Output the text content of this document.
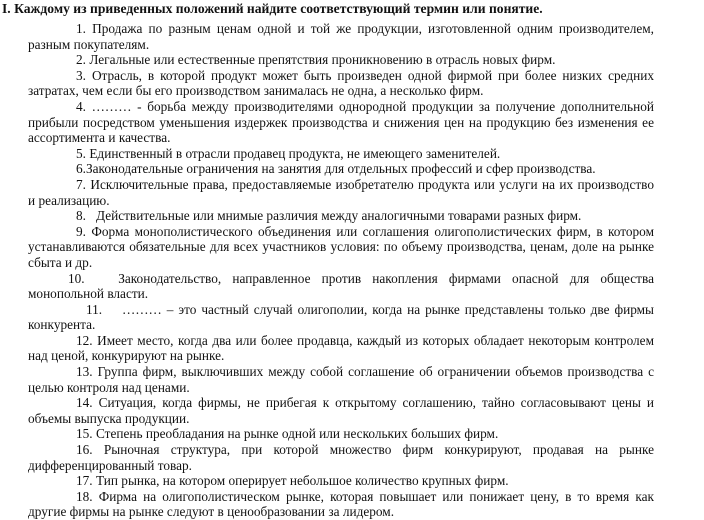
I. Каждому из приведенных положений найдите соответствующий термин или понятие.

1. Продажа по разным ценам одной и той же продукции, изготовленной одним производителем, разным покупателям.

2. Легальные или естественные препятствия проникновению в отрасль новых фирм.

3. Отрасль, в которой продукт может быть произведен одной фирмой при более низких средних затратах, чем если бы его производством занималась не одна, а несколько фирм.

4. ……… - борьба между производителями однородной продукции за получение дополнительной прибыли посредством уменьшения издержек производства и снижения цен на продукцию без изменения ее ассортимента и качества.

5. Единственный в отрасли продавец продукта, не имеющего заменителей.

6.Законодательные ограничения на занятия для отдельных профессий и сфер производства.

7. Исключительные права, предоставляемые изобретателю продукта или услуги на их производство и реализацию.

8. Действительные или мнимые различия между аналогичными товарами разных фирм.

9. Форма монополистического объединения или соглашения олигополистических фирм, в котором устанавливаются обязательные для всех участников условия: по объему производства, ценам, доле на рынке сбыта и др.

10.	Законодательство, направленное против накопления фирмами опасной для общества монопольной власти.

11. ……… – это частный случай олигополии, когда на рынке представлены только две фирмы конкурента.

12. Имеет место, когда два или более продавца, каждый из которых обладает некоторым контролем над ценой, конкурируют на рынке.

13. Группа фирм, выключивших между собой соглашение об ограничении объемов производства с целью контроля над ценами.

14. Ситуация, когда фирмы, не прибегая к открытому соглашению, тайно согласовывают цены и объемы выпуска продукции.

15. Степень преобладания на рынке одной или нескольких больших фирм.

16. Рыночная структура, при которой множество фирм конкурируют, продавая на рынке дифференцированный товар.

17. Тип рынка, на котором оперирует небольшое количество крупных фирм.

18. Фирма на олигополистическом рынке, которая повышает или понижает цену, в то время как другие фирмы на рынке следуют в ценообразовании за лидером.
